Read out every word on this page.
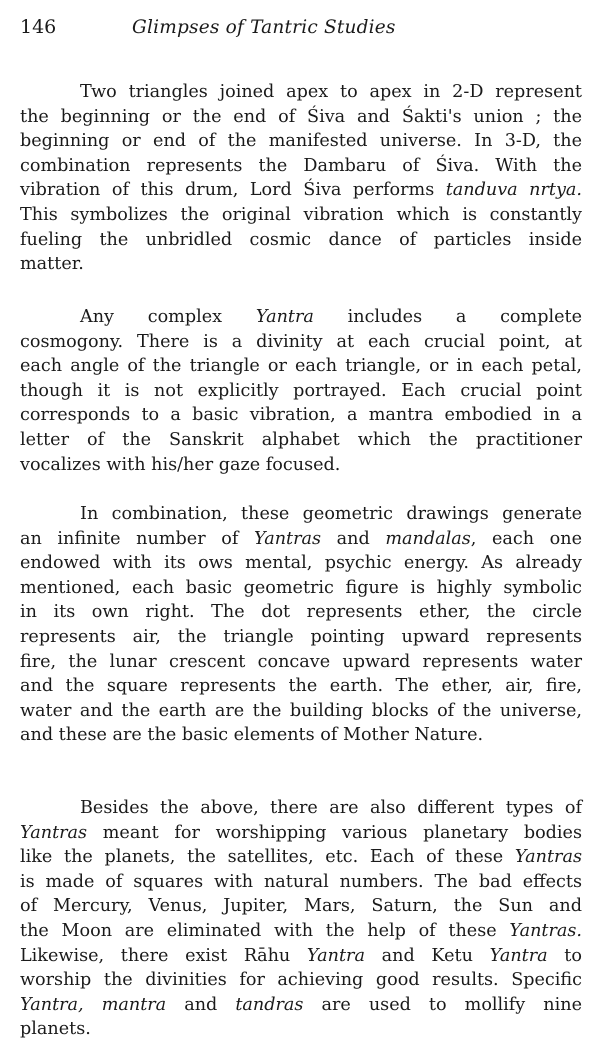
146	Glimpses of Tantric Studies
Two triangles joined apex to apex in 2-D represent
the beginning or the end of Śiva and Śakti's union ; the
beginning or end of the manifested universe. In 3-D, the
combination represents the Dambaru of Śiva. With the
vibration of this drum, Lord Śiva performs tanduva nrtya.
This symbolizes the original vibration which is constantly
fueling the unbridled cosmic dance of particles inside
matter.
Any complex Yantra includes a complete
cosmogony. There is a divinity at each crucial point, at
each angle of the triangle or each triangle, or in each petal,
though it is not explicitly portrayed. Each crucial point
corresponds to a basic vibration, a mantra embodied in a
letter of the Sanskrit alphabet which the practitioner
vocalizes with his/her gaze focused.
In combination, these geometric drawings generate
an infinite number of Yantras and mandalas, each one
endowed with its ows mental, psychic energy. As already
mentioned, each basic geometric figure is highly symbolic
in its own right. The dot represents ether, the circle
represents air, the triangle pointing upward represents
fire, the lunar crescent concave upward represents water
and the square represents the earth. The ether, air, fire,
water and the earth are the building blocks of the universe,
and these are the basic elements of Mother Nature.
Besides the above, there are also different types of
Yantras meant for worshipping various planetary bodies
like the planets, the satellites, etc. Each of these Yantras
is made of squares with natural numbers. The bad effects
of Mercury, Venus, Jupiter, Mars, Saturn, the Sun and
the Moon are eliminated with the help of these Yantras.
Likewise, there exist Rāhu Yantra and Ketu Yantra to
worship the divinities for achieving good results. Specific
Yantra, mantra and tandras are used to mollify nine
planets.
